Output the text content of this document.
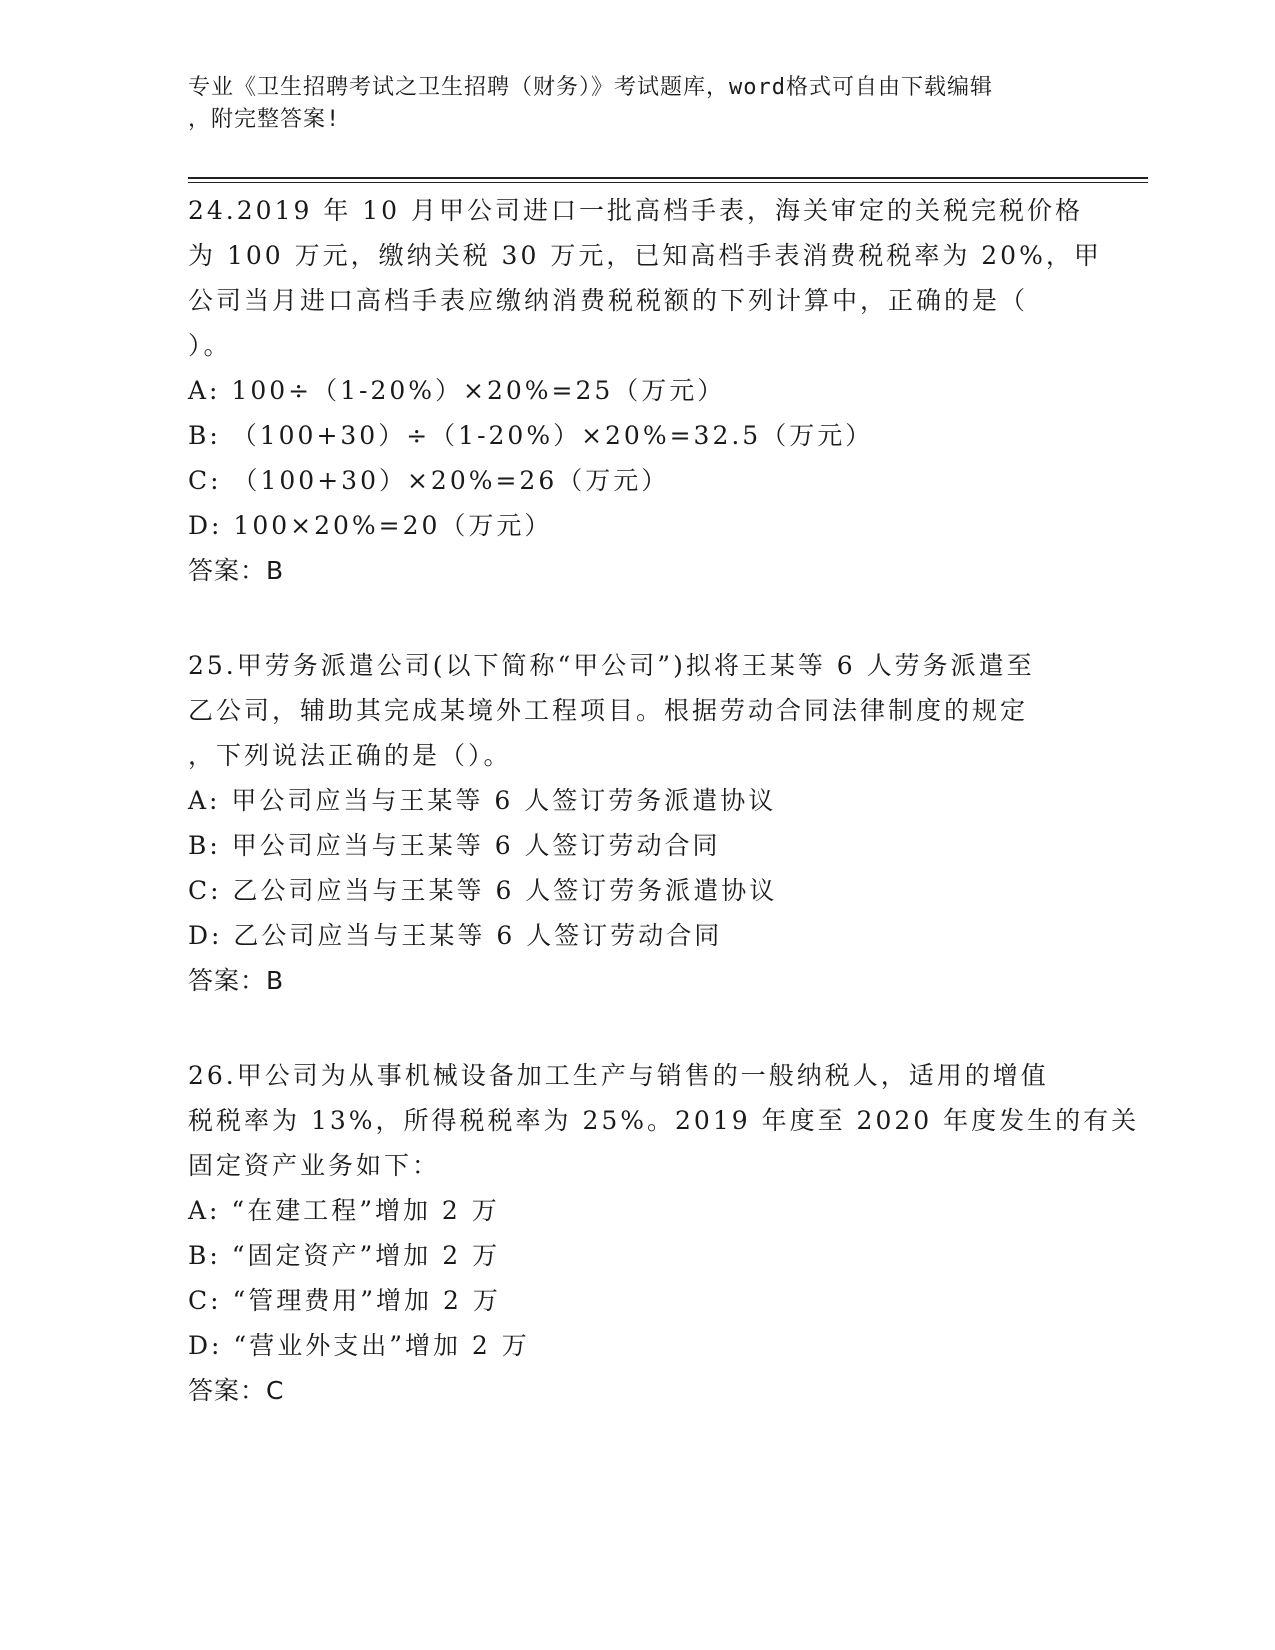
专业《卫生招聘考试之卫生招聘（财务）》考试题库，word格式可自由下载编辑
，附完整答案!
24.2019 年 10 月甲公司进口一批高档手表，海关审定的关税完税价格
为 100 万元，缴纳关税 30 万元，已知高档手表消费税税率为 20%，甲
公司当月进口高档手表应缴纳消费税税额的下列计算中，正确的是（
）。
A: 100÷（1-20%）×20%=25（万元）
B: （100+30）÷（1-20%）×20%=32.5（万元）
C: （100+30）×20%=26（万元）
D: 100×20%=20（万元）
答案：B
25.甲劳务派遣公司(以下简称“甲公司”)拟将王某等 6 人劳务派遣至
乙公司，辅助其完成某境外工程项目。根据劳动合同法律制度的规定
，下列说法正确的是（）。
A: 甲公司应当与王某等 6 人签订劳务派遣协议
B: 甲公司应当与王某等 6 人签订劳动合同
C: 乙公司应当与王某等 6 人签订劳务派遣协议
D: 乙公司应当与王某等 6 人签订劳动合同
答案：B
26.甲公司为从事机械设备加工生产与销售的一般纳税人，适用的增值
税税率为 13%，所得税税率为 25%。2019 年度至 2020 年度发生的有关
固定资产业务如下：
A: “在建工程”增加 2 万
B: “固定资产”增加 2 万
C: “管理费用”增加 2 万
D: “营业外支出”增加 2 万
答案：C
